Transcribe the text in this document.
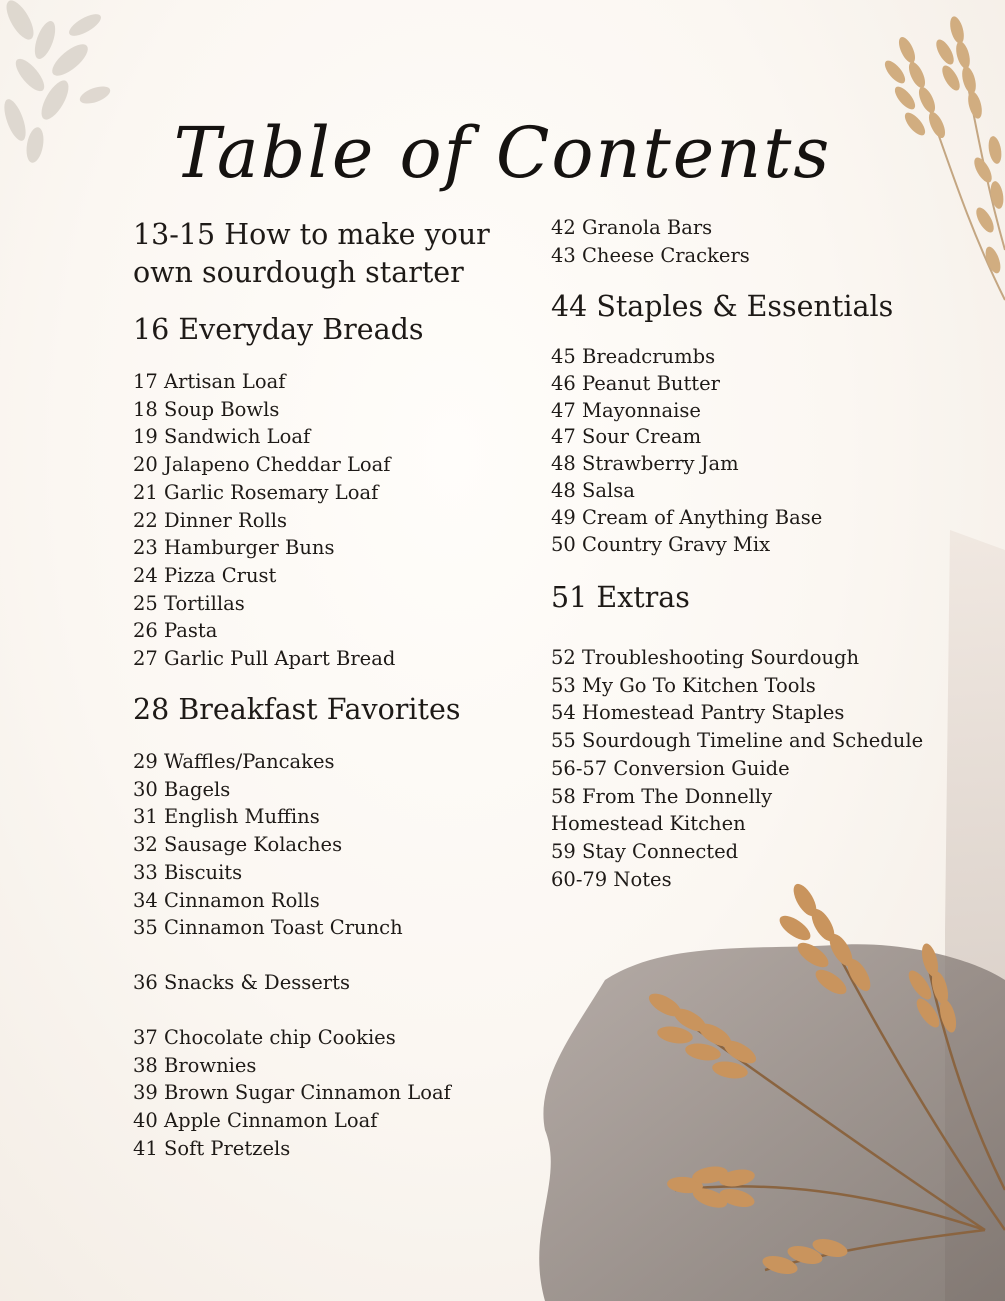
Table of Contents
13-15 How to make your
own sourdough starter
16 Everyday Breads
17 Artisan Loaf
18 Soup Bowls
19 Sandwich Loaf
20 Jalapeno Cheddar Loaf
21 Garlic Rosemary Loaf
22 Dinner Rolls
23 Hamburger Buns
24 Pizza Crust
25 Tortillas
26 Pasta
27 Garlic Pull Apart Bread
28 Breakfast Favorites
29 Waffles/Pancakes
30 Bagels
31 English Muffins
32 Sausage Kolaches
33 Biscuits
34 Cinnamon Rolls
35 Cinnamon Toast Crunch
36 Snacks & Desserts
37 Chocolate chip Cookies
38 Brownies
39 Brown Sugar Cinnamon Loaf
40 Apple Cinnamon Loaf
41 Soft Pretzels
42 Granola Bars
43 Cheese Crackers
44 Staples & Essentials
45 Breadcrumbs
46 Peanut Butter
47 Mayonnaise
47 Sour Cream
48 Strawberry Jam
48 Salsa
49 Cream of Anything Base
50 Country Gravy Mix
51 Extras
52 Troubleshooting Sourdough
53 My Go To Kitchen Tools
54 Homestead Pantry Staples
55 Sourdough Timeline and Schedule
56-57 Conversion Guide
58 From The Donnelly Homestead Kitchen
59 Stay Connected
60-79 Notes
